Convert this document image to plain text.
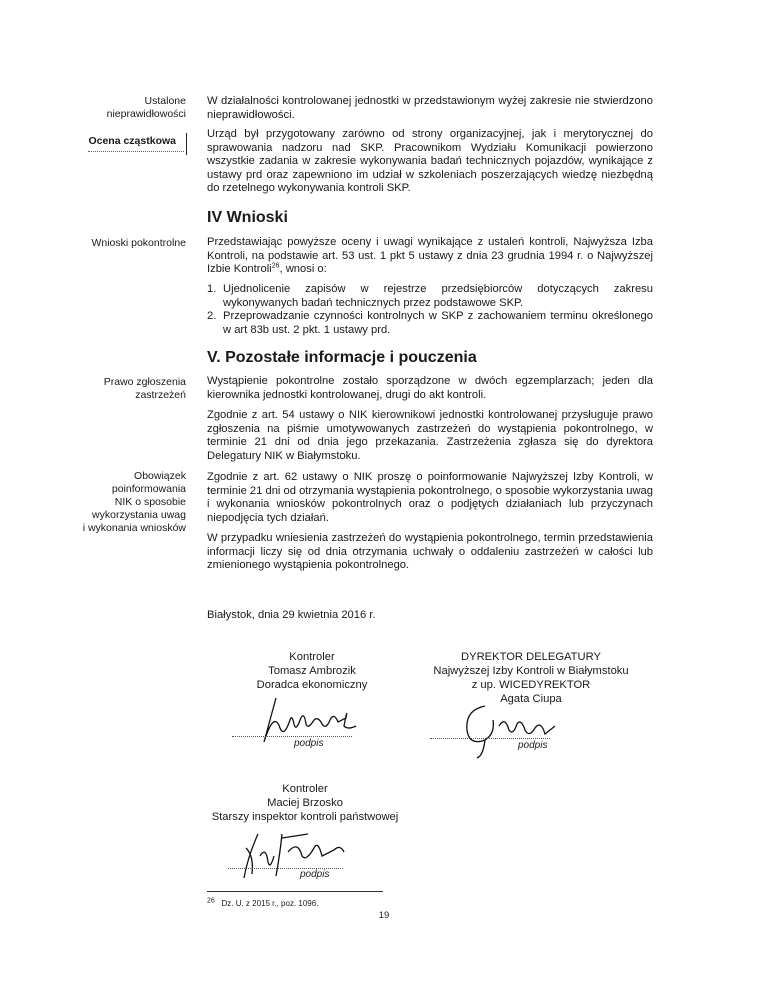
Ustalone
nieprawidłowości
Ocena cząstkowa
Wnioski pokontrolne
Prawo zgłoszenia
zastrzeżeń
Obowiązek
poinformowania
NIK o sposobie
wykorzystania uwag
i wykonania wniosków

W działalności kontrolowanej jednostki w przedstawionym wyżej zakresie nie stwierdzono nieprawidłowości.

Urząd był przygotowany zarówno od strony organizacyjnej, jak i merytorycznej do sprawowania nadzoru nad SKP. Pracownikom Wydziału Komunikacji powierzono wszystkie zadania w zakresie wykonywania badań technicznych pojazdów, wynikające z ustawy prd oraz zapewniono im udział w szkoleniach poszerzających wiedzę niezbędną do rzetelnego wykonywania kontroli SKP.

IV Wnioski

Przedstawiając powyższe oceny i uwagi wynikające z ustaleń kontroli, Najwyższa Izba Kontroli, na podstawie art. 53 ust. 1 pkt 5 ustawy z dnia 23 grudnia 1994 r. o Najwyższej Izbie Kontroli$^{26}$, wnosi o:

1. Ujednolicenie zapisów w rejestrze przedsiębiorców dotyczących zakresu wykonywanych badań technicznych przez podstawowe SKP.
2. Przeprowadzanie czynności kontrolnych w SKP z zachowaniem terminu określonego w art 83b ust. 2 pkt. 1 ustawy prd.
V. Pozostałe informacje i pouczenia

Wystąpienie pokontrolne zostało sporządzone w dwóch egzemplarzach; jeden dla kierownika jednostki kontrolowanej, drugi do akt kontroli.

Zgodnie z art. 54 ustawy o NIK kierownikowi jednostki kontrolowanej przysługuje prawo zgłoszenia na piśmie umotywowanych zastrzeżeń do wystąpienia pokontrolnego, w terminie 21 dni od dnia jego przekazania. Zastrzeżenia zgłasza się do dyrektora Delegatury NIK w Białymstoku.

Zgodnie z art. 62 ustawy o NIK proszę o poinformowanie Najwyższej Izby Kontroli, w terminie 21 dni od otrzymania wystąpienia pokontrolnego, o sposobie wykorzystania uwag i wykonania wniosków pokontrolnych oraz o podjętych działaniach lub przyczynach niepodjęcia tych działań.

W przypadku wniesienia zastrzeżeń do wystąpienia pokontrolnego, termin przedstawienia informacji liczy się od dnia otrzymania uchwały o oddaleniu zastrzeżeń w całości lub zmienionego wystąpienia pokontrolnego.

Białystok, dnia 29 kwietnia 2016 r.

Kontroler
Tomasz Ambrozik
Doradca ekonomiczny
podpis
DYREKTOR DELEGATURY
Najwyższej Izby Kontroli w Białymstoku
z up. WICEDYREKTOR
Agata Ciupa
podpis
Kontroler
Maciej Brzosko
Starszy inspektor kontroli państwowej
podpis
$^{26}$ Dz. U. z 2015 r., poz. 1096.
19
